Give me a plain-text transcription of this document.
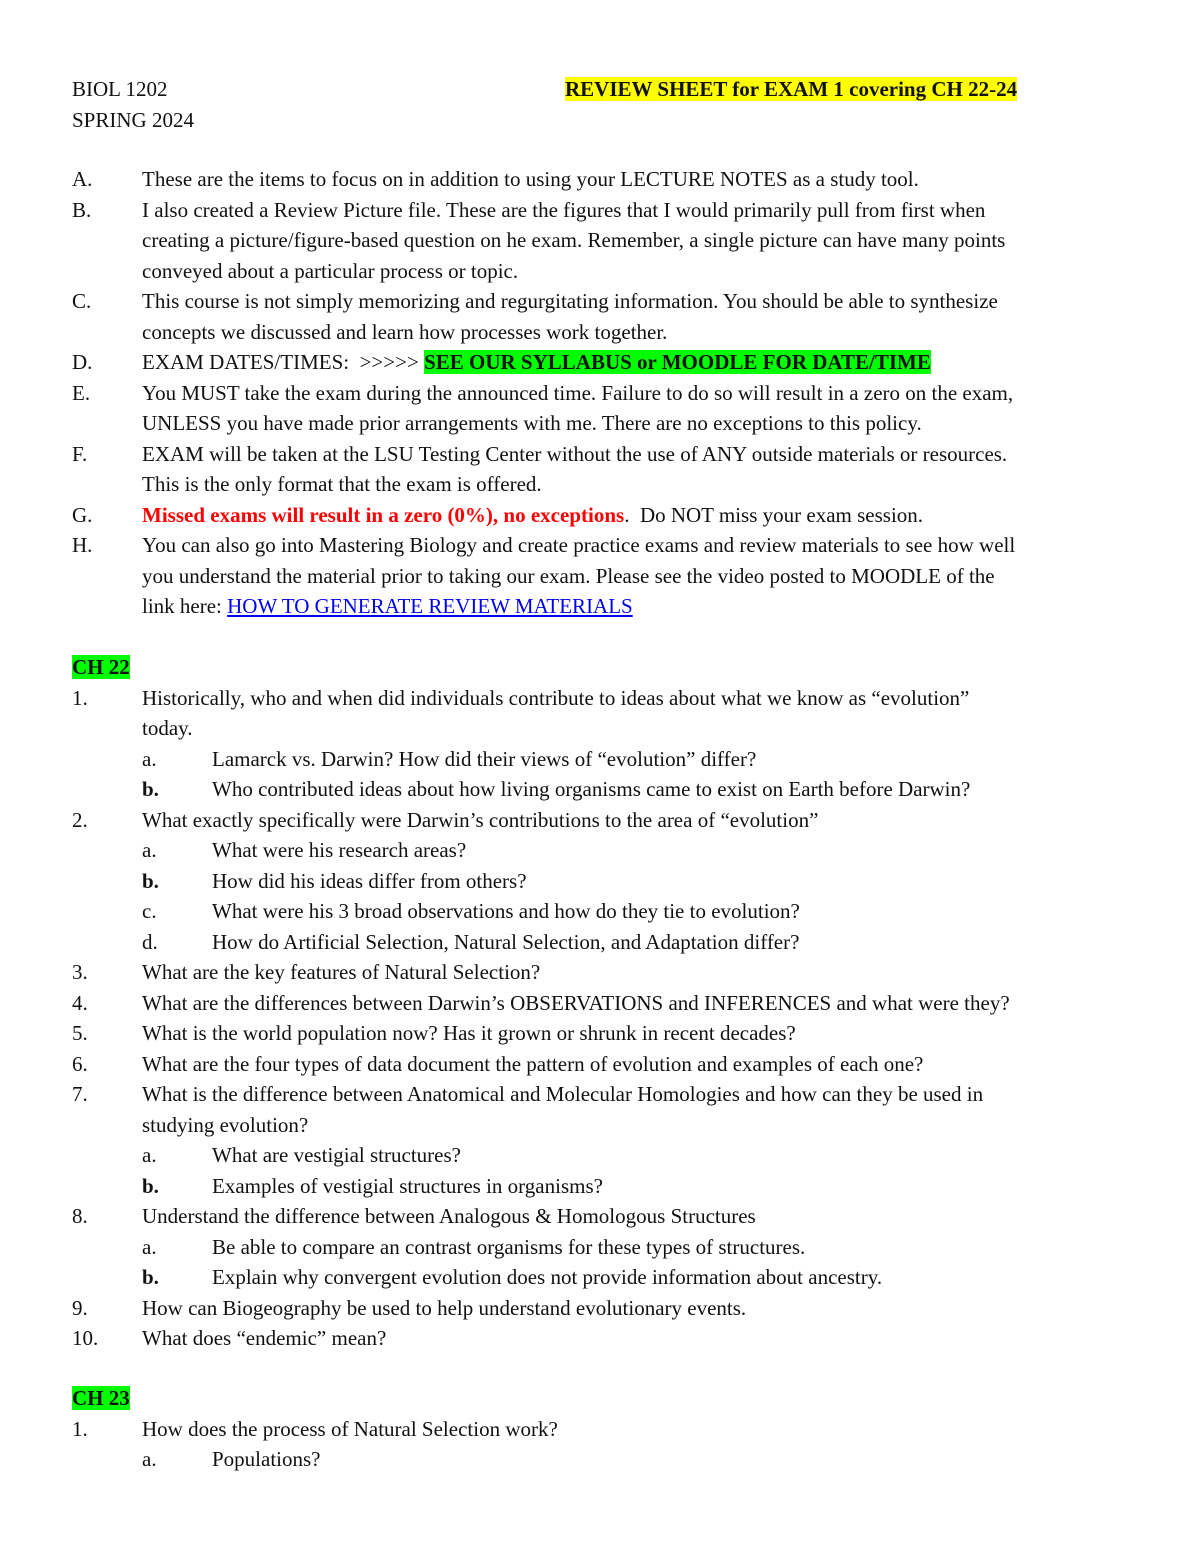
BIOL 1202
SPRING 2024
REVIEW SHEET for EXAM 1 covering CH 22-24
A. These are the items to focus on in addition to using your LECTURE NOTES as a study tool.
B. I also created a Review Picture file. These are the figures that I would primarily pull from first when
creating a picture/figure-based question on he exam. Remember, a single picture can have many points
conveyed about a particular process or topic.
C. This course is not simply memorizing and regurgitating information. You should be able to synthesize
concepts we discussed and learn how processes work together.
D. EXAM DATES/TIMES:  >>>>> SEE OUR SYLLABUS or MOODLE FOR DATE/TIME
E. You MUST take the exam during the announced time. Failure to do so will result in a zero on the exam,
UNLESS you have made prior arrangements with me. There are no exceptions to this policy.
F.	EXAM will be taken at the LSU Testing Center without the use of ANY outside materials or resources.
This is the only format that the exam is offered.
G. Missed exams will result in a zero (0%), no exceptions.  Do NOT miss your exam session.
H. You can also go into Mastering Biology and create practice exams and review materials to see how well
you understand the material prior to taking our exam. Please see the video posted to MOODLE of the
link here: HOW TO GENERATE REVIEW MATERIALS
CH 22
1.	Historically, who and when did individuals contribute to ideas about what we know as “evolution”
today.
a.	Lamarck vs. Darwin? How did their views of “evolution” differ?
b.	Who contributed ideas about how living organisms came to exist on Earth before Darwin?
2.	What exactly specifically were Darwin’s contributions to the area of “evolution”
a.	What were his research areas?
b.	How did his ideas differ from others?
c.	What were his 3 broad observations and how do they tie to evolution?
d.	How do Artificial Selection, Natural Selection, and Adaptation differ?
3.	What are the key features of Natural Selection?
4.	What are the differences between Darwin’s OBSERVATIONS and INFERENCES and what were they?
5.	What is the world population now? Has it grown or shrunk in recent decades?
6.	What are the four types of data document the pattern of evolution and examples of each one?
7.	What is the difference between Anatomical and Molecular Homologies and how can they be used in
studying evolution?
a.	What are vestigial structures?
b.	Examples of vestigial structures in organisms?
8.	Understand the difference between Analogous & Homologous Structures
a.	Be able to compare an contrast organisms for these types of structures.
b.	Explain why convergent evolution does not provide information about ancestry.
9.	How can Biogeography be used to help understand evolutionary events.
10. What does “endemic” mean?
CH 23
1.	How does the process of Natural Selection work?
a.	Populations?
